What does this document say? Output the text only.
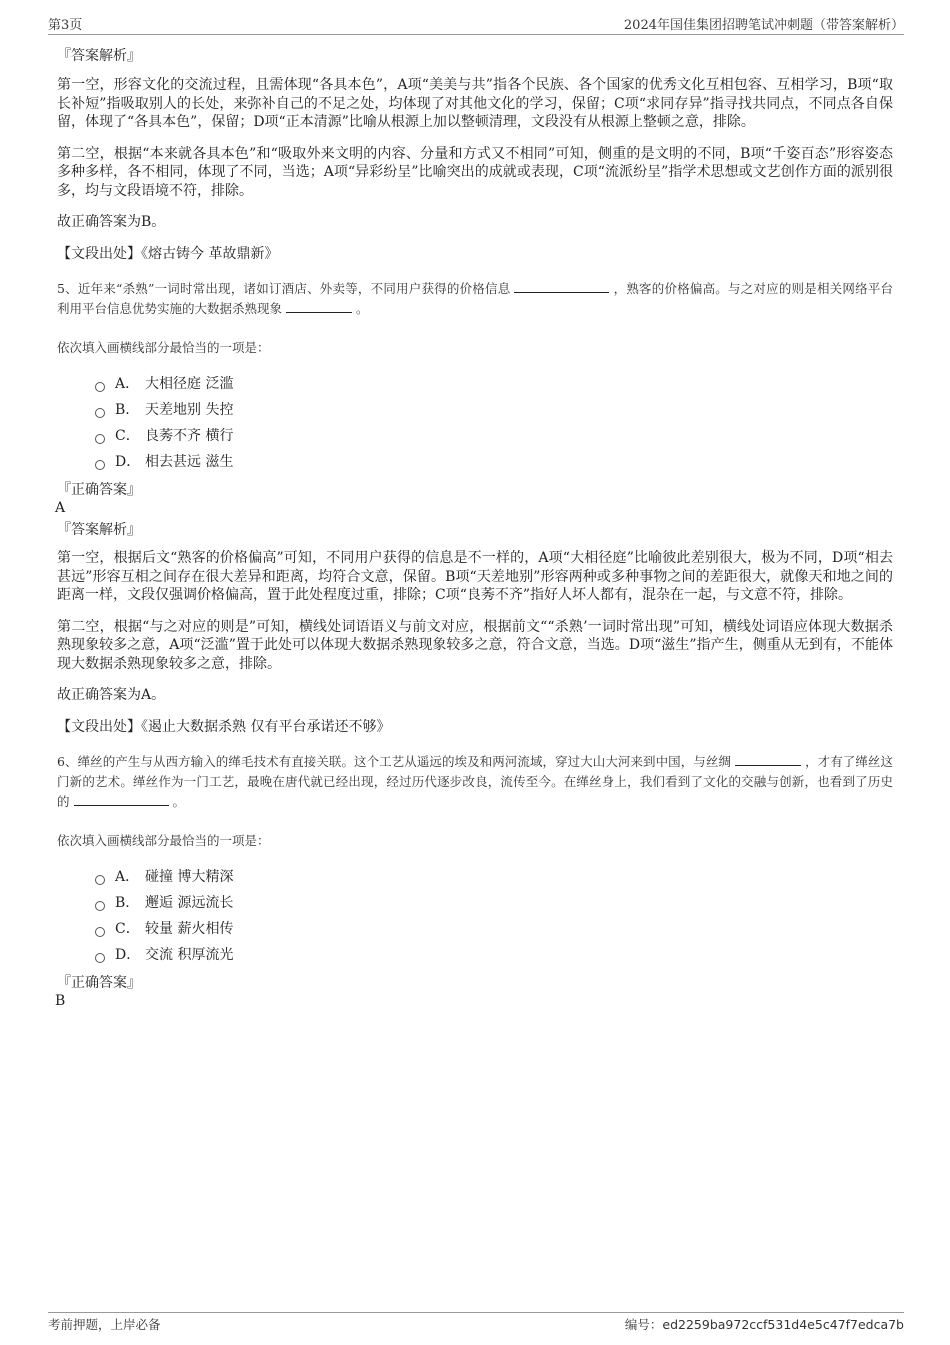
第3页	2024年国佳集团招聘笔试冲刺题（带答案解析）
『答案解析』

第一空，形容文化的交流过程，且需体现“各具本色”，A项“美美与共”指各个民族、各个国家的优秀文化互相包容、互相学习，B项“取长补短”指吸取别人的长处，来弥补自己的不足之处，均体现了对其他文化的学习，保留；C项“求同存异”指寻找共同点，不同点各自保留，体现了“各具本色”，保留；D项“正本清源”比喻从根源上加以整顿清理，文段没有从根源上整顿之意，排除。

第二空，根据“本来就各具本色”和“吸取外来文明的内容、分量和方式又不相同”可知，侧重的是文明的不同，B项“千姿百态”形容姿态多种多样，各不相同，体现了不同，当选；A项“异彩纷呈”比喻突出的成就或表现，C项“流派纷呈”指学术思想或文艺创作方面的派别很多，均与文段语境不符，排除。

故正确答案为B。

【文段出处】《熔古铸今 革故鼎新》

5、近年来“杀熟”一词时常出现，诸如订酒店、外卖等，不同用户获得的价格信息	，熟客的价格偏高。与之对应的则是相关网络平台利用平台信息优势实施的大数据杀熟现象	。

依次填入画横线部分最恰当的一项是：

A． 大相径庭 泛滥
B. 天差地别 失控
C． 良莠不齐 横行
D． 相去甚远 滋生
『正确答案』
A
『答案解析』

第一空，根据后文“熟客的价格偏高”可知，不同用户获得的信息是不一样的，A项“大相径庭”比喻彼此差别很大，极为不同，D项“相去甚远”形容互相之间存在很大差异和距离，均符合文意，保留。B项“天差地别”形容两种或多种事物之间的差距很大，就像天和地之间的距离一样，文段仅强调价格偏高，置于此处程度过重，排除；C项“良莠不齐”指好人坏人都有，混杂在一起，与文意不符，排除。

第二空，根据“与之对应的则是”可知，横线处词语语义与前文对应，根据前文““杀熟’一词时常出现”可知，横线处词语应体现大数据杀熟现象较多之意，A项“泛滥”置于此处可以体现大数据杀熟现象较多之意，符合文意，当选。D项“滋生”指产生，侧重从无到有，不能体现大数据杀熟现象较多之意，排除。

故正确答案为A。

【文段出处】《遏止大数据杀熟 仅有平台承诺还不够》

6、缂丝的产生与从西方输入的缂毛技术有直接关联。这个工艺从遥远的埃及和两河流域，穿过大山大河来到中国，与丝绸	，才有了缂丝这门新的艺术。缂丝作为一门工艺，最晚在唐代就已经出现，经过历代逐步改良，流传至今。在缂丝身上，我们看到了文化的交融与创新，也看到了历史的	。

依次填入画横线部分最恰当的一项是：

A． 碰撞 博大精深
B. 邂逅 源远流长
C． 较量 薪火相传
D． 交流 积厚流光
『正确答案』
B
考前押题，上岸必备	编号：ed2259ba972ccf531d4e5c47f7edca7b
